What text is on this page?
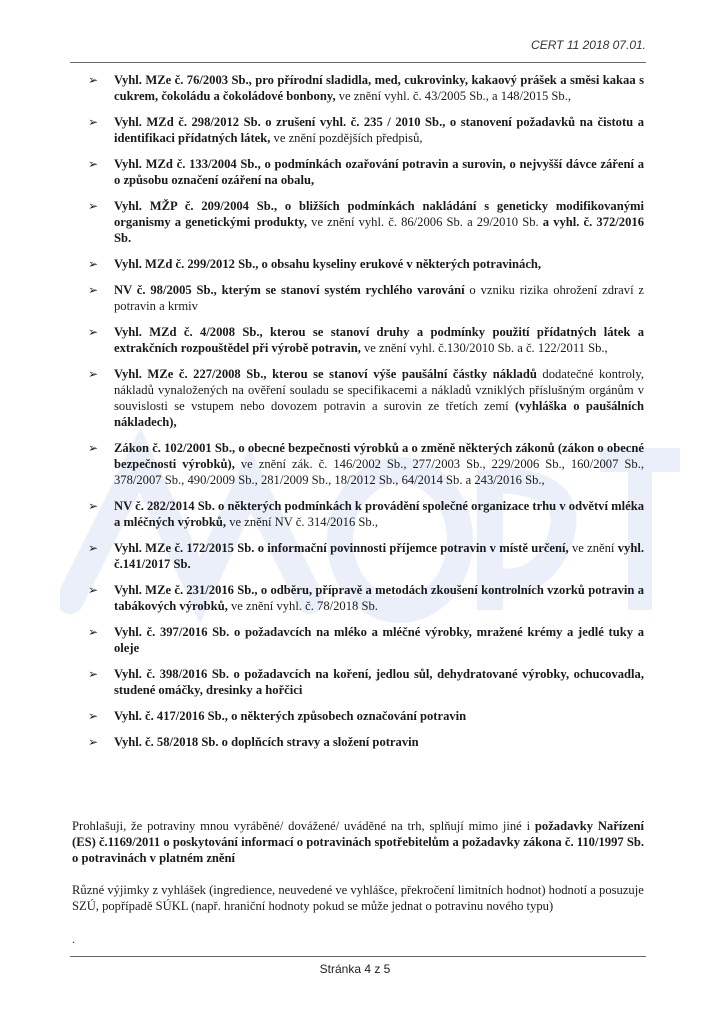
CERT 11 2018 07.01.
➢ Vyhl. MZe č. 76/2003 Sb., pro přírodní sladidla, med, cukrovinky, kakaový prášek a směsi kakaa s cukrem, čokoládu a čokoládové bonbony, ve znění vyhl. č. 43/2005 Sb., a 148/2015 Sb.,
➢ Vyhl. MZd č. 298/2012 Sb. o zrušení vyhl. č. 235 / 2010 Sb., o stanovení požadavků na čistotu a identifikaci přídatných látek, ve znění pozdějších předpisů,
➢ Vyhl. MZd č. 133/2004 Sb., o podmínkách ozařování potravin a surovin, o nejvyšší dávce záření a o způsobu označení ozáření na obalu,
➢ Vyhl. MŽP č. 209/2004 Sb., o bližších podmínkách nakládání s geneticky modifikovanými organismy a genetickými produkty, ve znění vyhl. č. 86/2006 Sb. a 29/2010 Sb. a vyhl. č. 372/2016 Sb.
➢ Vyhl. MZd č. 299/2012 Sb., o obsahu kyseliny erukové v některých potravinách,
➢ NV č. 98/2005 Sb., kterým se stanoví systém rychlého varování o vzniku rizika ohrožení zdraví z potravin a krmiv
➢ Vyhl. MZd č. 4/2008 Sb., kterou se stanoví druhy a podmínky použití přídatných látek a extrakčních rozpouštědel při výrobě potravin, ve znění vyhl. č.130/2010 Sb. a č. 122/2011 Sb.,
➢ Vyhl. MZe č. 227/2008 Sb., kterou se stanoví výše paušální částky nákladů dodatečné kontroly, nákladů vynaložených na ověření souladu se specifikacemi a nákladů vzniklých příslušným orgánům v souvislosti se vstupem nebo dovozem potravin a surovin ze třetích zemí (vyhláška o paušálních nákladech),
➢ Zákon č. 102/2001 Sb., o obecné bezpečnosti výrobků a o změně některých zákonů (zákon o obecné bezpečnosti výrobků), ve znění zák. č. 146/2002 Sb., 277/2003 Sb., 229/2006 Sb., 160/2007 Sb., 378/2007 Sb., 490/2009 Sb., 281/2009 Sb., 18/2012 Sb., 64/2014 Sb. a 243/2016 Sb.,
➢ NV č. 282/2014 Sb. o některých podmínkách k provádění společné organizace trhu v odvětví mléka a mléčných výrobků, ve znění NV č. 314/2016 Sb.,
➢ Vyhl. MZe č. 172/2015 Sb. o informační povinnosti příjemce potravin v místě určení, ve znění vyhl. č.141/2017 Sb.
➢ Vyhl. MZe č. 231/2016 Sb., o odběru, přípravě a metodách zkoušení kontrolních vzorků potravin a tabákových výrobků, ve znění vyhl. č. 78/2018 Sb.
➢ Vyhl. č. 397/2016 Sb. o požadavcích na mléko a mléčné výrobky, mražené krémy a jedlé tuky a oleje
➢ Vyhl. č. 398/2016 Sb. o požadavcích na koření, jedlou sůl, dehydratované výrobky, ochucovadla, studené omáčky, dresinky a hořčici
➢ Vyhl. č. 417/2016 Sb., o některých způsobech označování potravin
➢ Vyhl. č. 58/2018 Sb. o doplňcích stravy a složení potravin

Prohlašuji, že potraviny mnou vyráběné/ dovážené/ uváděné na trh, splňují mimo jiné i požadavky Nařízení (ES) č.1169/2011 o poskytování informací o potravinách spotřebitelům a požadavky zákona č. 110/1997 Sb. o potravinách v platném znění

Různé výjimky z vyhlášek (ingredience, neuvedené ve vyhlášce, překročení limitních hodnot) hodnotí a posuzuje SZÚ, popřípadě SÚKL (např. hraniční hodnoty pokud se může jednat o potravinu nového typu)

.
Stránka 4 z 5
